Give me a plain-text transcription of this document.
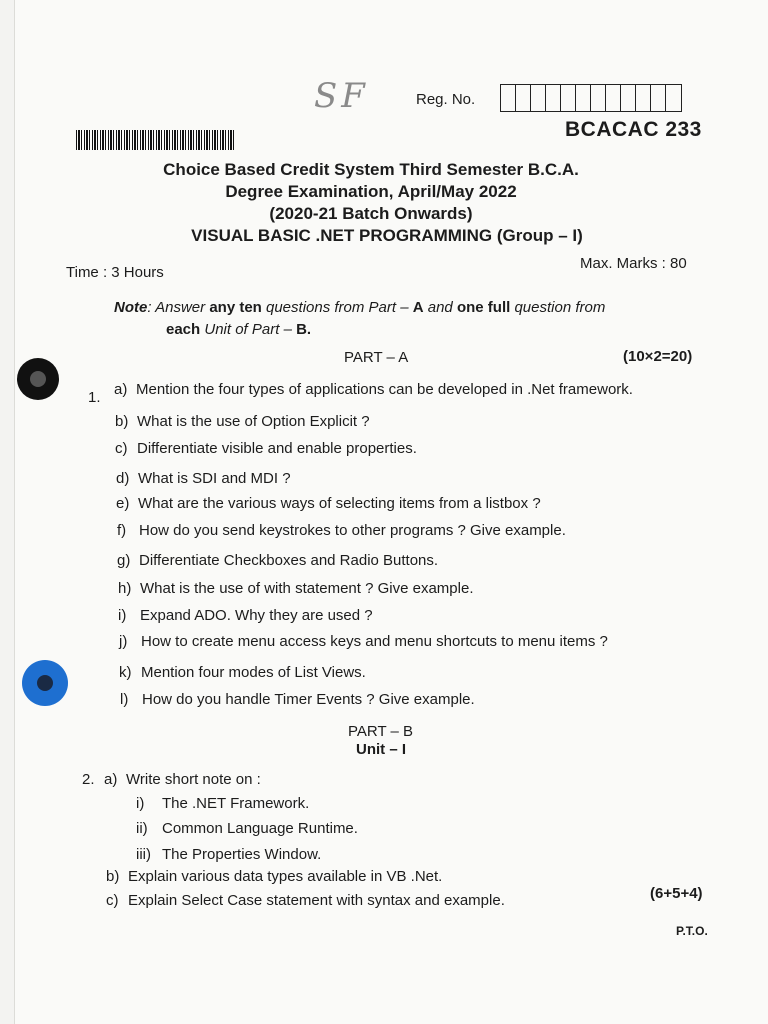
SF	Reg. No.
BCACAC 233
Choice Based Credit System Third Semester B.C.A.
Degree Examination, April/May 2022
(2020-21 Batch Onwards)
VISUAL BASIC .NET PROGRAMMING (Group – I)
Time : 3 Hours
Max. Marks : 80
Note: Answer any ten questions from Part – A and one full question from
each Unit of Part – B.
PART – A	(10×2=20)
1. a) Mention the four types of applications can be developed in .Net framework.
b) What is the use of Option Explicit ?
c) Differentiate visible and enable properties.
d) What is SDI and MDI ?
e) What are the various ways of selecting items from a listbox ?
f) How do you send keystrokes to other programs ? Give example.
g) Differentiate Checkboxes and Radio Buttons.
h) What is the use of with statement ? Give example.
i) Expand ADO. Why they are used ?
j) How to create menu access keys and menu shortcuts to menu items ?
k) Mention four modes of List Views.
l) How do you handle Timer Events ? Give example.
PART – B
Unit – I
2. a) Write short note on :
i) The .NET Framework.
ii) Common Language Runtime.
iii) The Properties Window.
b) Explain various data types available in VB .Net.
c) Explain Select Case statement with syntax and example.	(6+5+4)
P.T.O.
